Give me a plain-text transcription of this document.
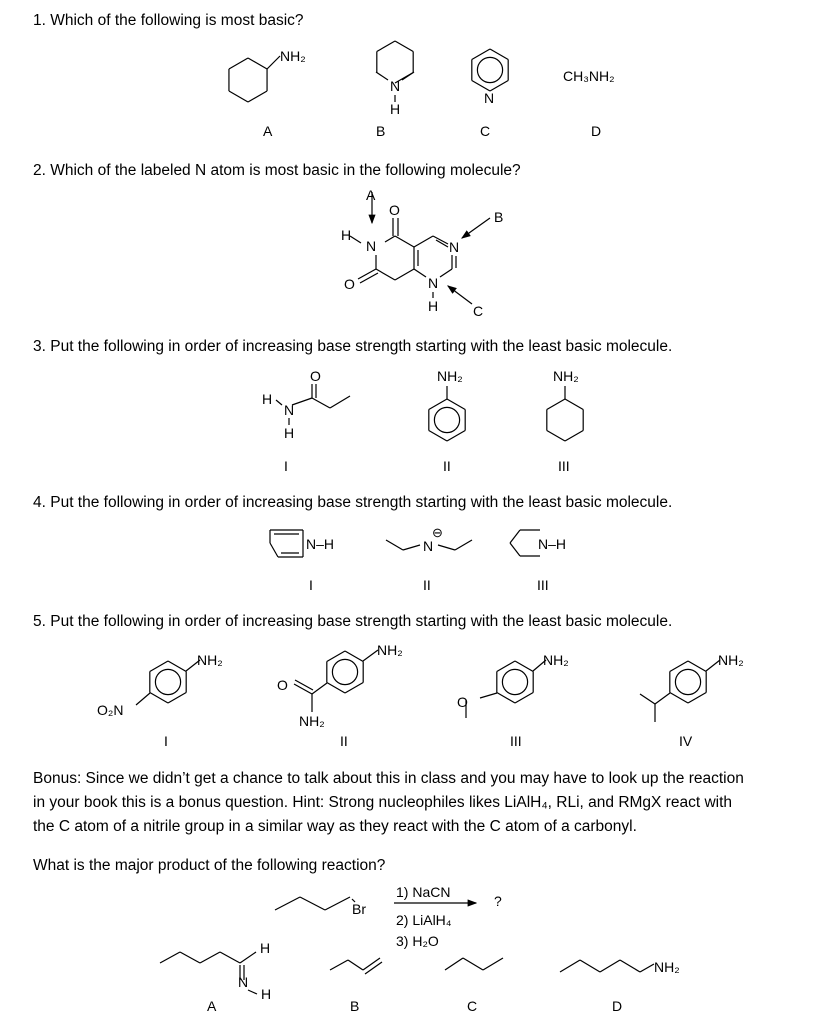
1. Which of the following is most basic?
2. Which of the labeled N atom is most basic in the following molecule?
3. Put the following in order of increasing base strength starting with the least basic molecule.
4. Put the following in order of increasing base strength starting with the least basic molecule.
5. Put the following in order of increasing base strength starting with the least basic molecule.
Bonus: Since we didn’t get a chance to talk about this in class and you may have to look up the reaction
in your book this is a bonus question. Hint: Strong nucleophiles likes LiAlH₄, RLi, and RMgX react with
the C atom of a nitrile group in a similar way as they react with the C atom of a carbonyl.
What is the major product of the following reaction?
NH₂
N
H
N
CH₃NH₂
A	B	C	D
A
B
C
O
O
H
N	N
N
H
O
H
N
H
NH₂	NH₂
I	II	III
N–H	N
⊖
N–H
I	II	III
NH₂
O₂N
NH₂
O
NH₂
NH₂
O
NH₂
I	II	III	IV
Br
1) NaCN
2) LiAlH₄
3) H₂O
?
H
N
H
NH₂
A	B	C	D
